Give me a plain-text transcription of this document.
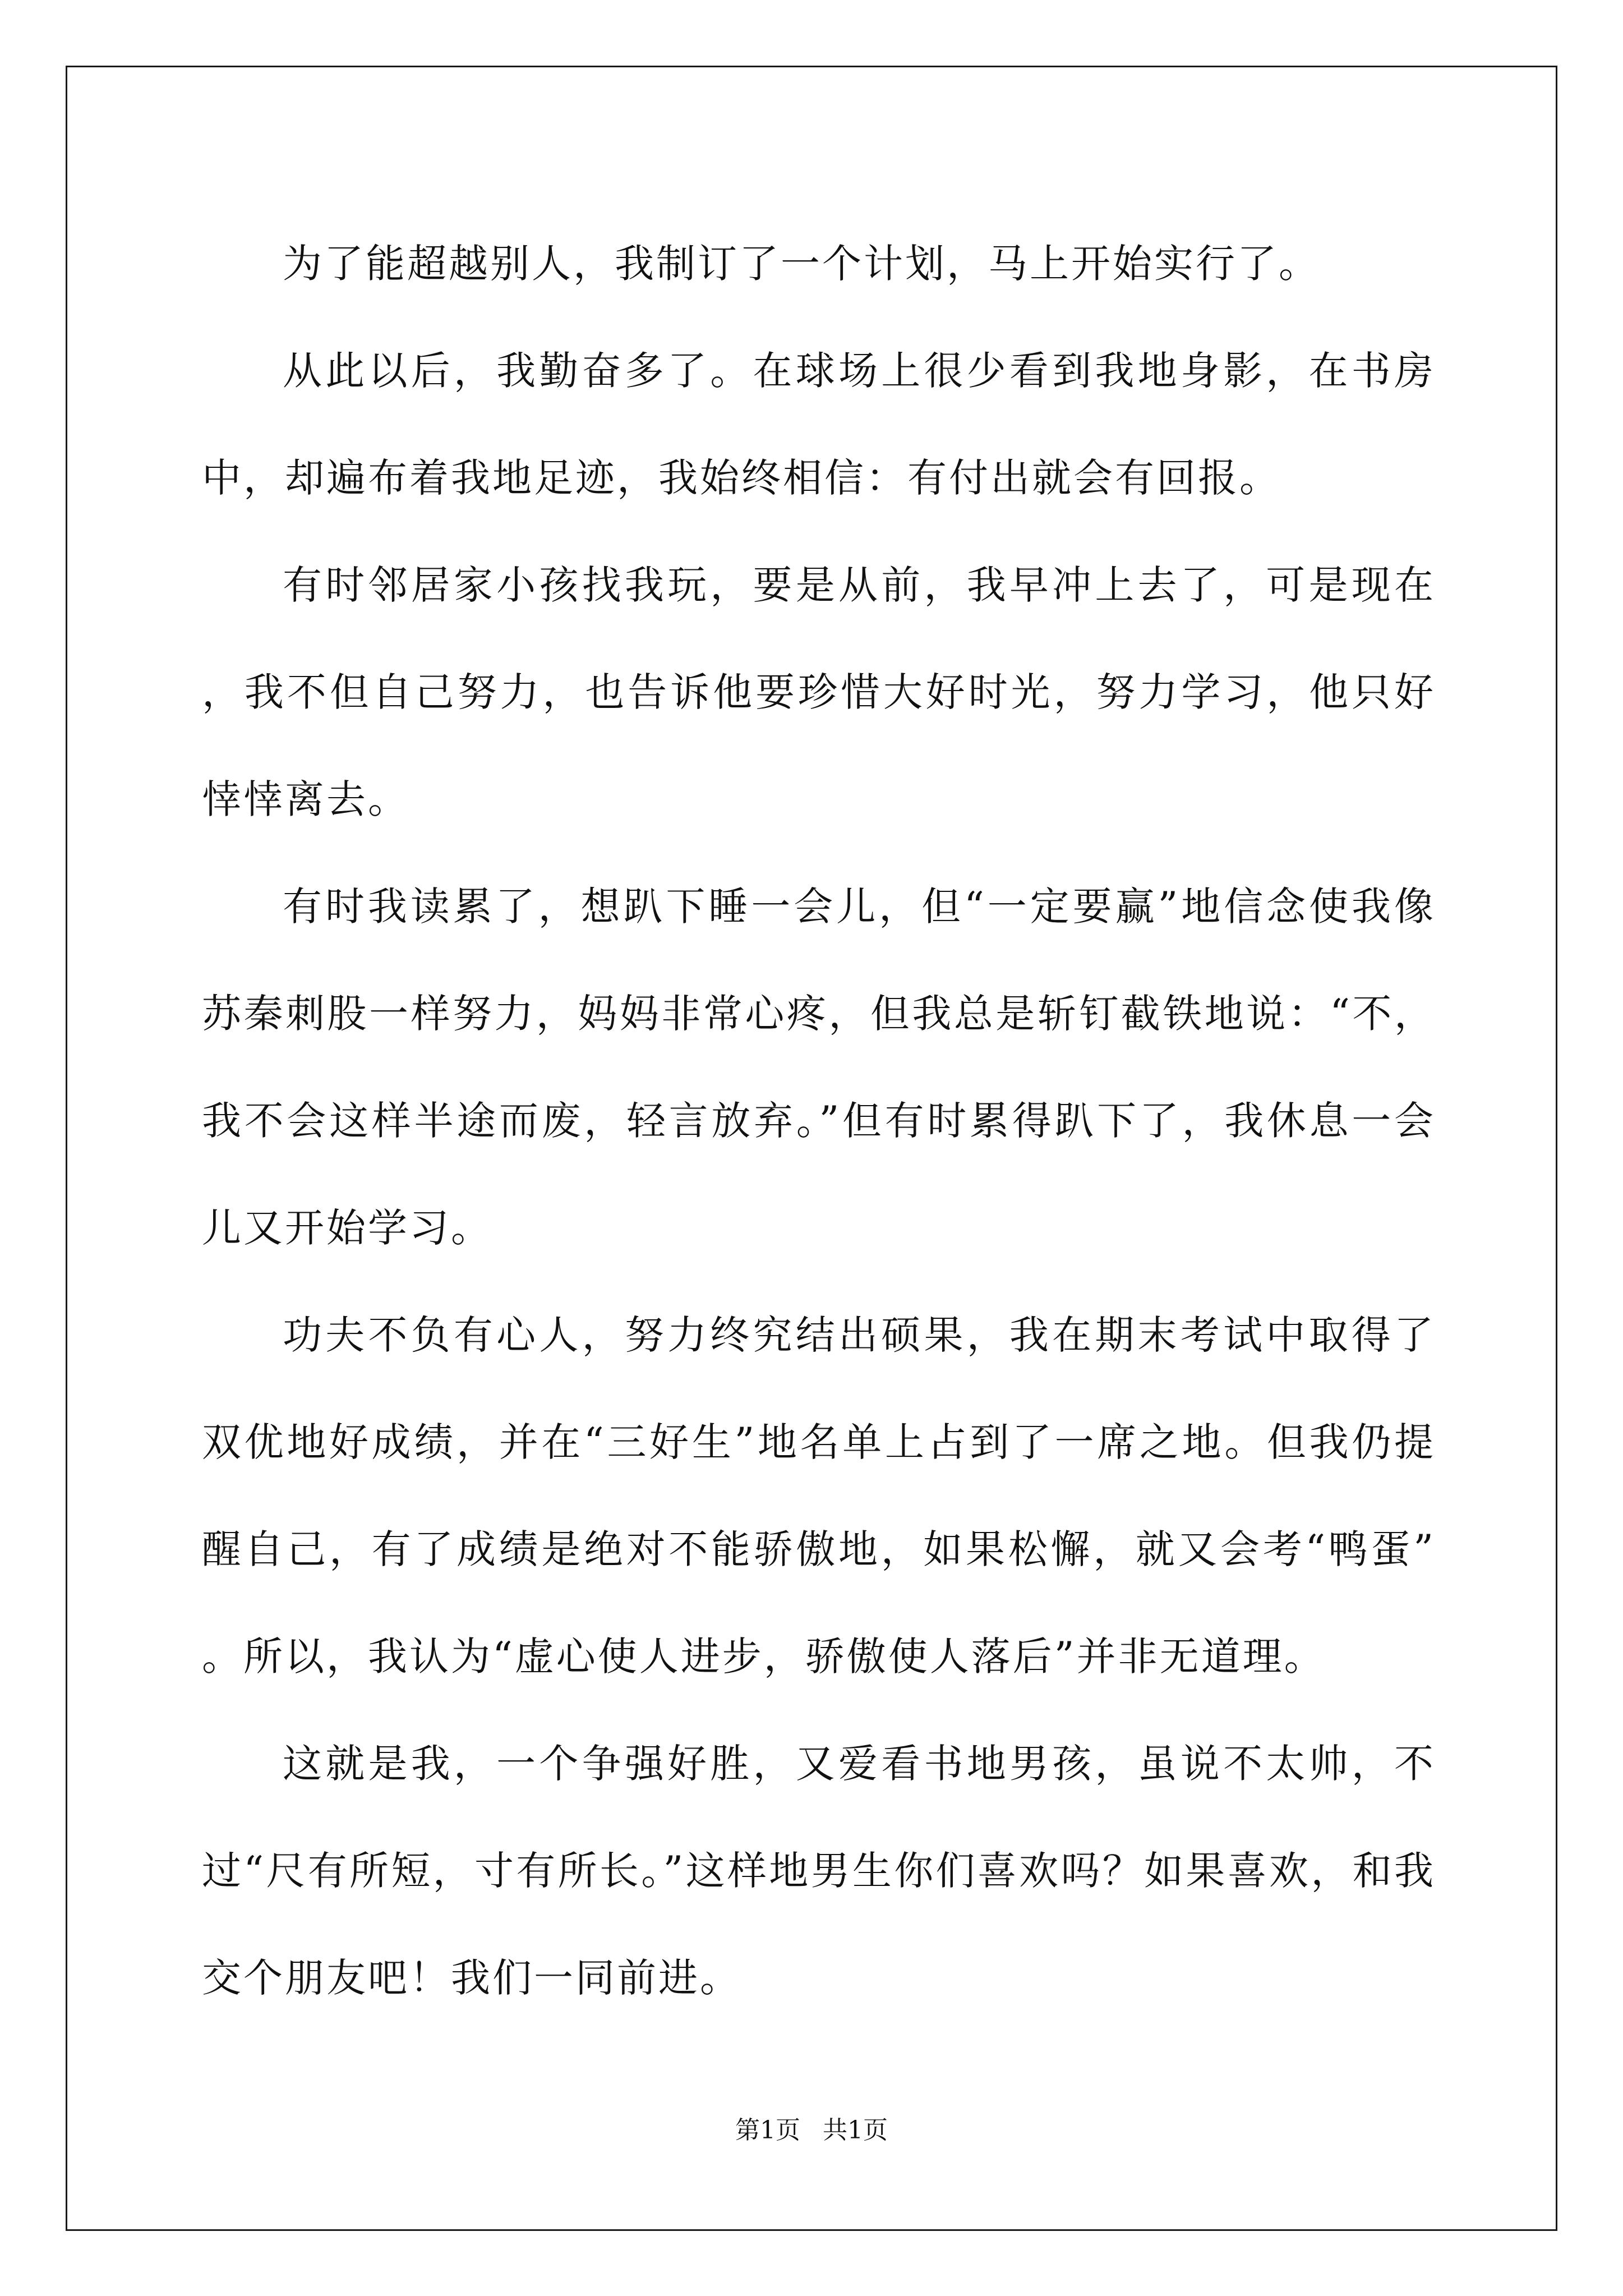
为了能超越别人，我制订了一个计划，马上开始实行了。

从此以后，我勤奋多了。在球场上很少看到我地身影，在书房中，却遍布着我地足迹，我始终相信：有付出就会有回报。

有时邻居家小孩找我玩，要是从前，我早冲上去了，可是现在，我不但自己努力，也告诉他要珍惜大好时光，努力学习，他只好悻悻离去。

有时我读累了，想趴下睡一会儿，但“一定要赢”地信念使我像苏秦刺股一样努力，妈妈非常心疼，但我总是斩钉截铁地说：“不，我不会这样半途而废，轻言放弃。”但有时累得趴下了，我休息一会儿又开始学习。

功夫不负有心人，努力终究结出硕果，我在期末考试中取得了双优地好成绩，并在“三好生”地名单上占到了一席之地。但我仍提醒自己，有了成绩是绝对不能骄傲地，如果松懈，就又会考“鸭蛋”。所以，我认为“虚心使人进步，骄傲使人落后”并非无道理。

这就是我，一个争强好胜，又爱看书地男孩，虽说不太帅，不过“尺有所短，寸有所长。”这样地男生你们喜欢吗？如果喜欢，和我交个朋友吧！我们一同前进。

第1页 共1页
